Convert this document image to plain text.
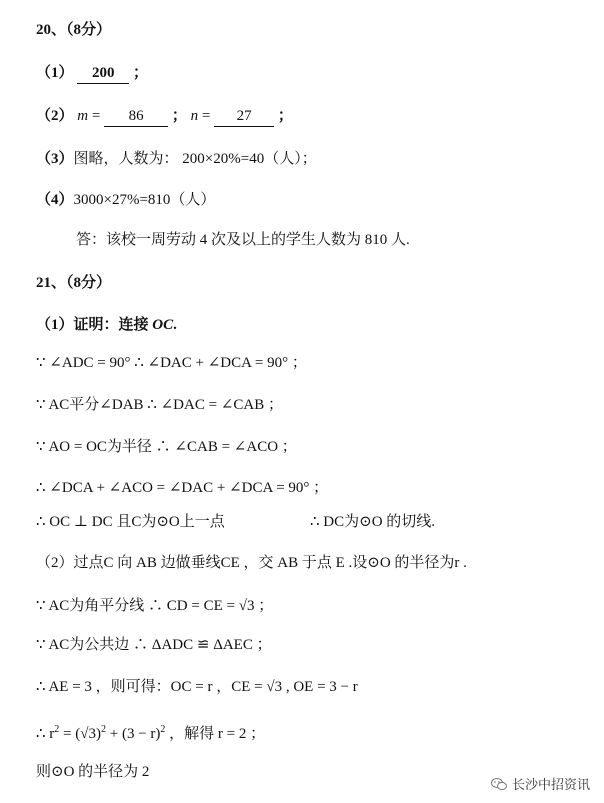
20、（8分）
（1） 200 ；
（2） m = 86 ； n = 27 ；
（3）图略，人数为： 200×20%=40（人）；
（4）3000×27%=810（人）
答：该校一周劳动 4 次及以上的学生人数为 810 人.
21、（8分）
（1）证明：连接 OC.
∵ ∠ADC = 90° ∴ ∠DAC + ∠DCA = 90° ；
∵ AC平分∠DAB ∴ ∠DAC = ∠CAB ；
∵ AO = OC为半径 ∴ ∠CAB = ∠ACO ；
∴ ∠DCA + ∠ACO = ∠DAC + ∠DCA = 90° ；
∴ OC ⊥ DC 且C为⊙O上一点	∴ DC为⊙O 的切线.
（2）过点C 向 AB 边做垂线CE ，交 AB 于点 E .设⊙O 的半径为r .
∵ AC为角平分线 ∴ CD = CE = √3 ；
∵ AC为公共边 ∴ ΔADC ≌ ΔAEC ；
∴ AE = 3 ，则可得：OC = r ，CE = √3 , OE = 3 − r
∴ $r^2 = (√3)^2 + (3 - r)^2$ ，解得 r = 2 ；
则⊙O 的半径为 2
长沙中招资讯
